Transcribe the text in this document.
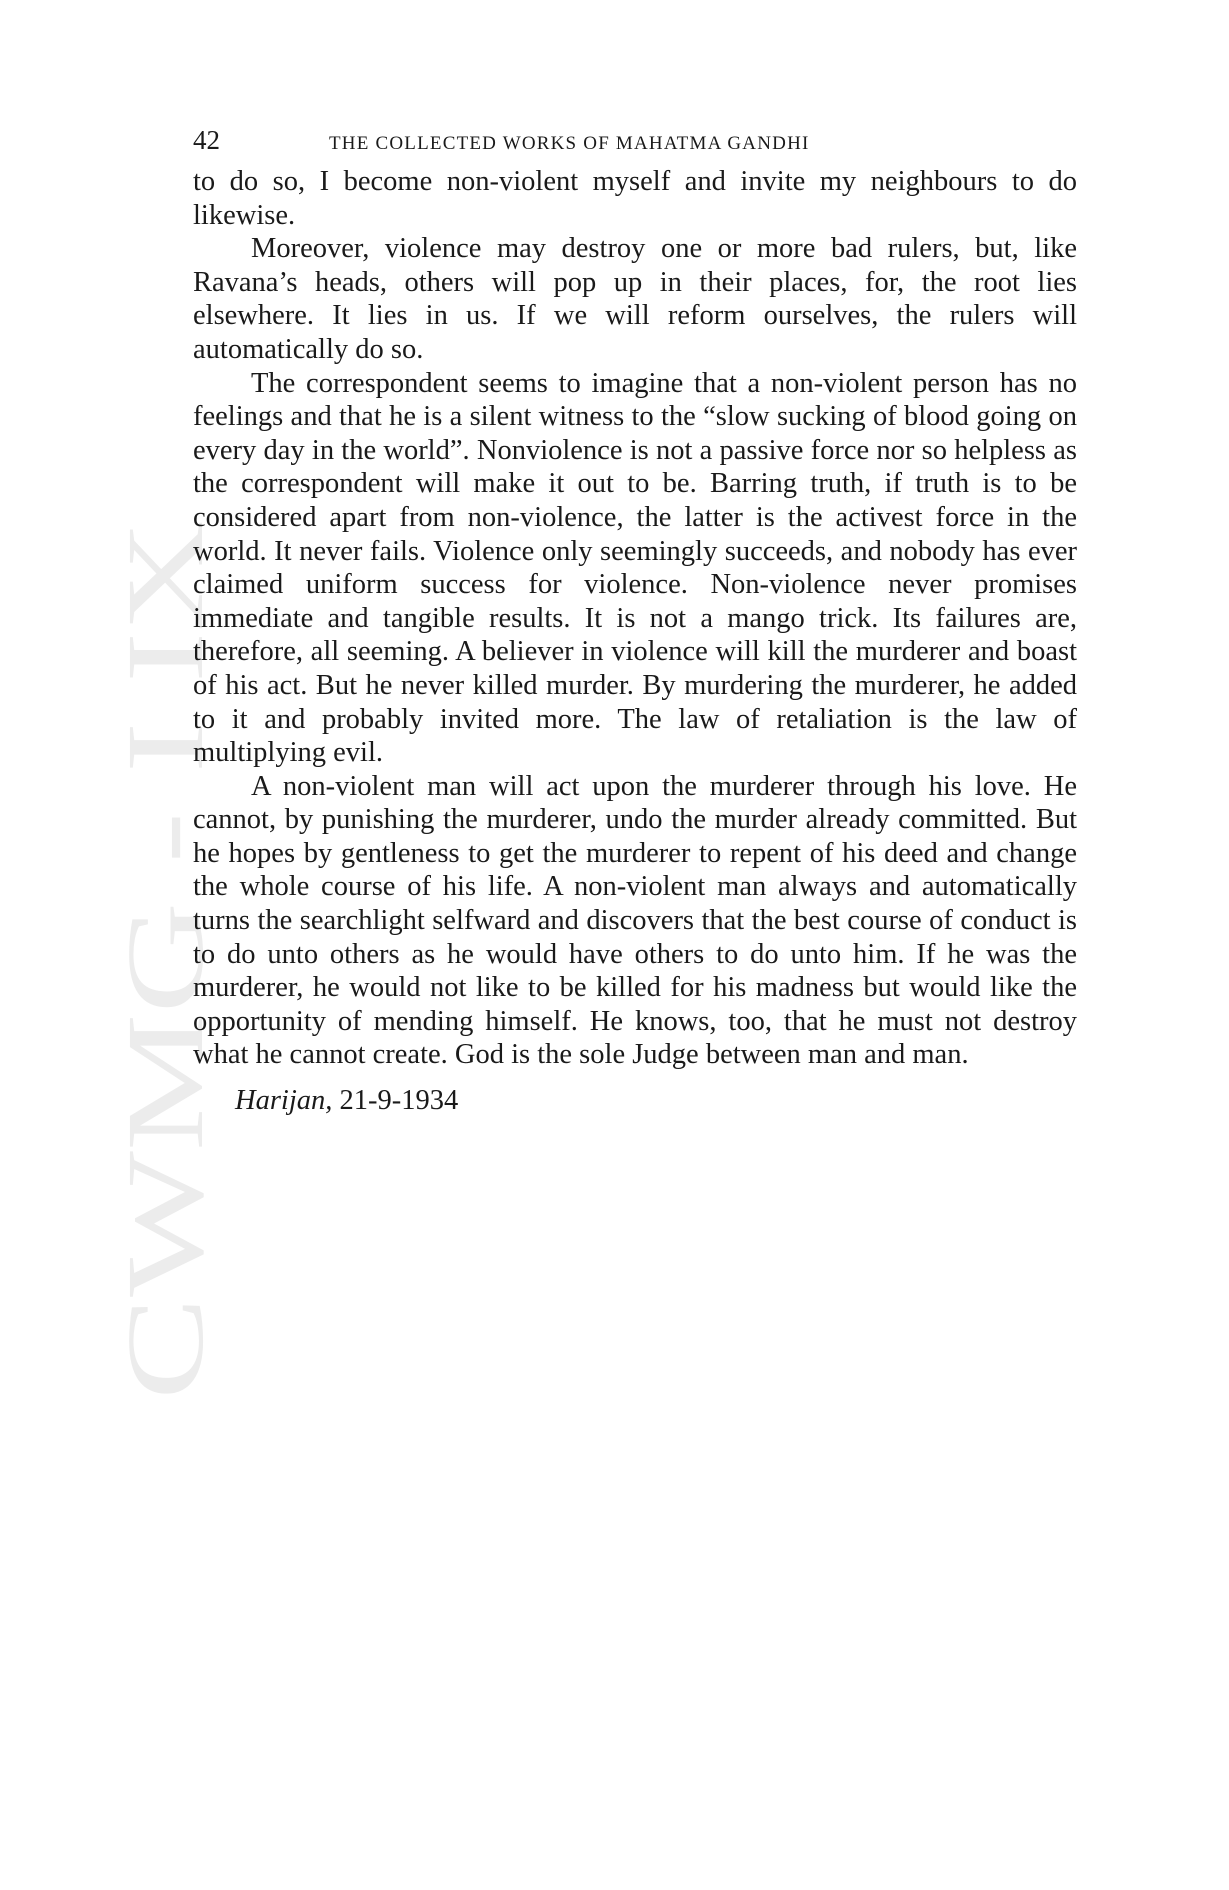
CWMG - I IX
42	THE COLLECTED WORKS OF MAHATMA GANDHI

to do so, I become non-violent myself and invite my neighbours to do likewise.

Moreover, violence may destroy one or more bad rulers, but, like Ravana’s heads, others will pop up in their places, for, the root lies elsewhere. It lies in us. If we will reform ourselves, the rulers will automatically do so.

The correspondent seems to imagine that a non-violent person has no feelings and that he is a silent witness to the “slow sucking of blood going on every day in the world”. Nonviolence is not a passive force nor so helpless as the correspondent will make it out to be. Barring truth, if truth is to be considered apart from non-violence, the latter is the activest force in the world. It never fails. Violence only seemingly succeeds, and nobody has ever claimed uniform success for violence. Non-violence never promises immediate and tangible results. It is not a mango trick. Its failures are, therefore, all seeming. A believer in violence will kill the murderer and boast of his act. But he never killed murder. By murdering the murderer, he added to it and probably invited more. The law of retaliation is the law of multiplying evil.

A non-violent man will act upon the murderer through his love. He cannot, by punishing the murderer, undo the murder already committed. But he hopes by gentleness to get the murderer to repent of his deed and change the whole course of his life. A non-violent man always and automatically turns the searchlight selfward and discovers that the best course of conduct is to do unto others as he would have others to do unto him. If he was the murderer, he would not like to be killed for his madness but would like the opportunity of mending himself. He knows, too, that he must not destroy what he cannot create. God is the sole Judge between man and man.

Harijan, 21-9-1934
